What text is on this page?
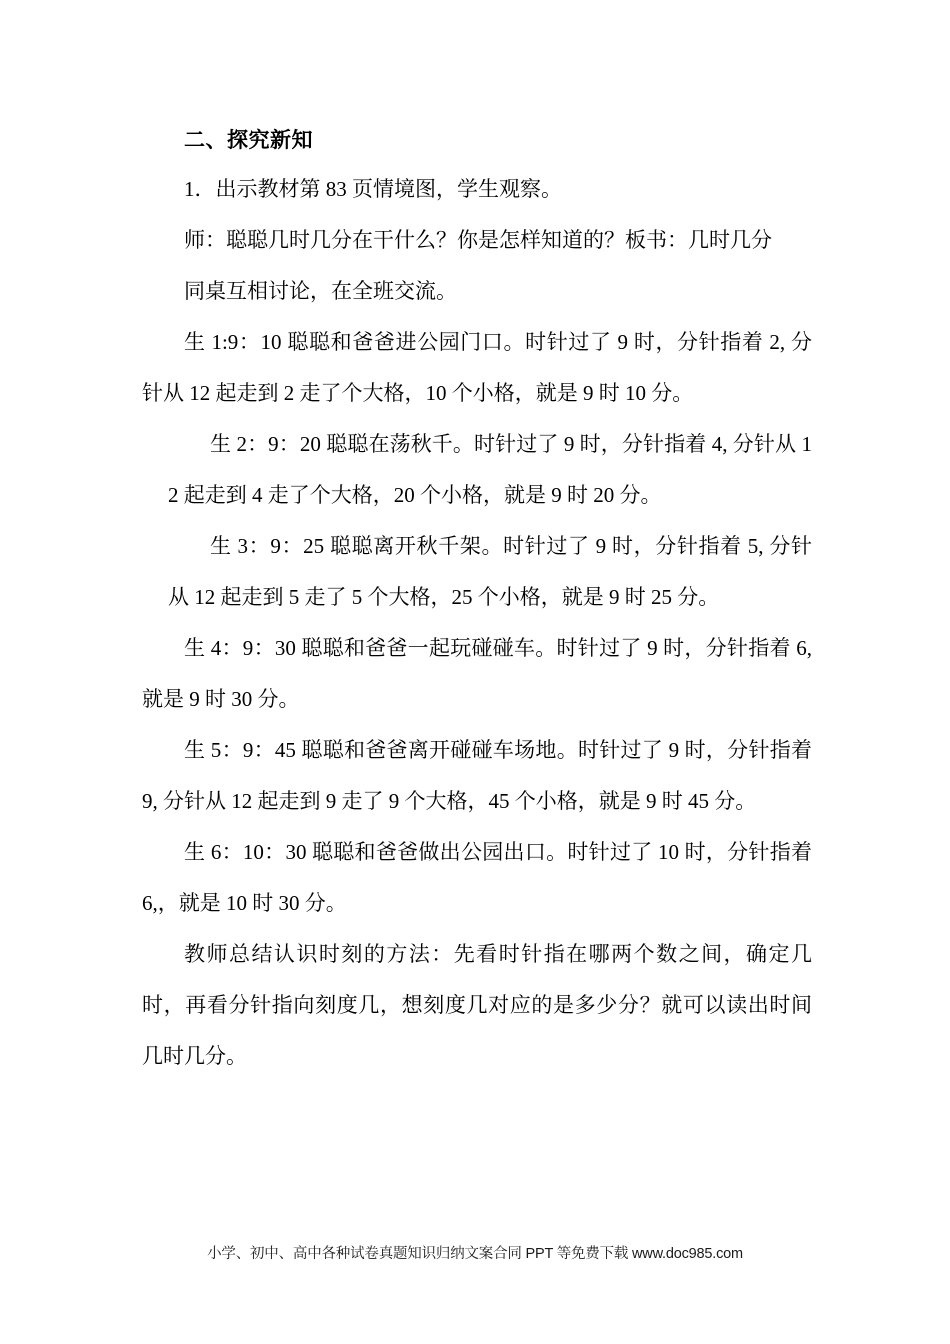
二、探究新知

1．出示教材第 83 页情境图，学生观察。

师：聪聪几时几分在干什么？你是怎样知道的？板书：几时几分

同桌互相讨论，在全班交流。

生 1:9：10 聪聪和爸爸进公园门口。时针过了 9 时，分针指着 2, 分针从 12 起走到 2 走了个大格，10 个小格，就是 9 时 10 分。

生 2：9：20 聪聪在荡秋千。时针过了 9 时，分针指着 4, 分针从 12 起走到 4 走了个大格，20 个小格，就是 9 时 20 分。

生 3：9：25 聪聪离开秋千架。时针过了 9 时，分针指着 5, 分针从 12 起走到 5 走了 5 个大格，25 个小格，就是 9 时 25 分。

生 4：9：30 聪聪和爸爸一起玩碰碰车。时针过了 9 时，分针指着 6, 就是 9 时 30 分。

生 5：9：45 聪聪和爸爸离开碰碰车场地。时针过了 9 时，分针指着 9, 分针从 12 起走到 9 走了 9 个大格，45 个小格，就是 9 时 45 分。

生 6：10：30 聪聪和爸爸做出公园出口。时针过了 10 时，分针指着 6,，就是 10 时 30 分。

教师总结认识时刻的方法：先看时针指在哪两个数之间，确定几时，再看分针指向刻度几，想刻度几对应的是多少分？就可以读出时间几时几分。

小学、初中、高中各种试卷真题知识归纳文案合同 PPT 等免费下载 www.doc985.com
